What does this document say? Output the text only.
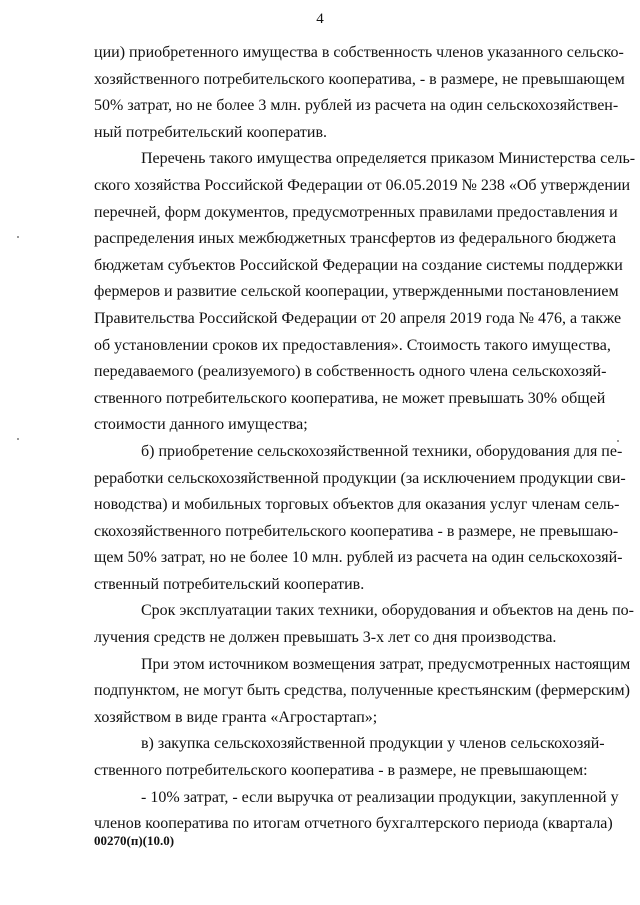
4

ции) приобретенного имущества в собственность членов указанного сельско-
хозяйственного потребительского кооператива, - в размере, не превышающем
50% затрат, но не более 3 млн. рублей из расчета на один сельскохозяйствен-
ный потребительский кооператив.

Перечень такого имущества определяется приказом Министерства сель-
ского хозяйства Российской Федерации от 06.05.2019 № 238 «Об утверждении
перечней, форм документов, предусмотренных правилами предоставления и
распределения иных межбюджетных трансфертов из федерального бюджета
бюджетам субъектов Российской Федерации на создание системы поддержки
фермеров и развитие сельской кооперации, утвержденными постановлением
Правительства Российской Федерации от 20 апреля 2019 года № 476, а также
об установлении сроков их предоставления». Стоимость такого имущества,
передаваемого (реализуемого) в собственность одного члена сельскохозяй-
ственного потребительского кооператива, не может превышать 30% общей
стоимости данного имущества;

б) приобретение сельскохозяйственной техники, оборудования для пе-
реработки сельскохозяйственной продукции (за исключением продукции сви-
новодства) и мобильных торговых объектов для оказания услуг членам сель-
скохозяйственного потребительского кооператива - в размере, не превышаю-
щем 50% затрат, но не более 10 млн. рублей из расчета на один сельскохозяй-
ственный потребительский кооператив.

Срок эксплуатации таких техники, оборудования и объектов на день по-
лучения средств не должен превышать 3-х лет со дня производства.

При этом источником возмещения затрат, предусмотренных настоящим
подпунктом, не могут быть средства, полученные крестьянским (фермерским)
хозяйством в виде гранта «Агростартап»;

в) закупка сельскохозяйственной продукции у членов сельскохозяй-
ственного потребительского кооператива - в размере, не превышающем:

- 10% затрат, - если выручка от реализации продукции, закупленной у
членов кооператива по итогам отчетного бухгалтерского периода (квартала)

00270(п)(10.0)
